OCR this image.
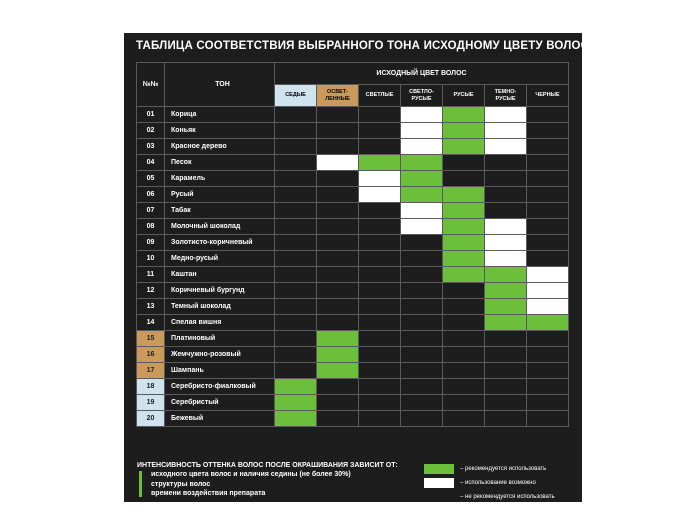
ТАБЛИЦА СООТВЕТСТВИЯ ВЫБРАННОГО ТОНА ИСХОДНОМУ ЦВЕТУ ВОЛОС
№№	ТОН	ИСХОДНЫЙ ЦВЕТ ВОЛОС						
		СЕДЫЕ	ОСВЕТ-ЛЕННЫЕ	СВЕТЛЫЕ	СВЕТЛО-РУСЫЕ	РУСЫЕ	ТЕМНО-РУСЫЕ	ЧЕРНЫЕ
01	Корица							
02	Коньяк							
03	Красное дерево							
04	Песок							
05	Карамель							
06	Русый							
07	Табак							
08	Молочный шоколад							
09	Золотисто-коричневый							
10	Медно-русый							
11	Каштан							
12	Коричневый бургунд							
13	Темный шоколад							
14	Спелая вишня							
15	Платиновый							
16	Жемчужно-розовый							
17	Шампань							
18	Серебристо-фиалковый							
19	Серебристый							
20	Бежевый							
ИНТЕНСИВНОСТЬ ОТТЕНКА ВОЛОС ПОСЛЕ ОКРАШИВАНИЯ ЗАВИСИТ ОТ:
исходного цвета волос и наличия седины (не более 30%)
структуры волос
времени воздействия препарата
– рекомендуется использовать
– использование возможно
– не рекомендуется использовать
